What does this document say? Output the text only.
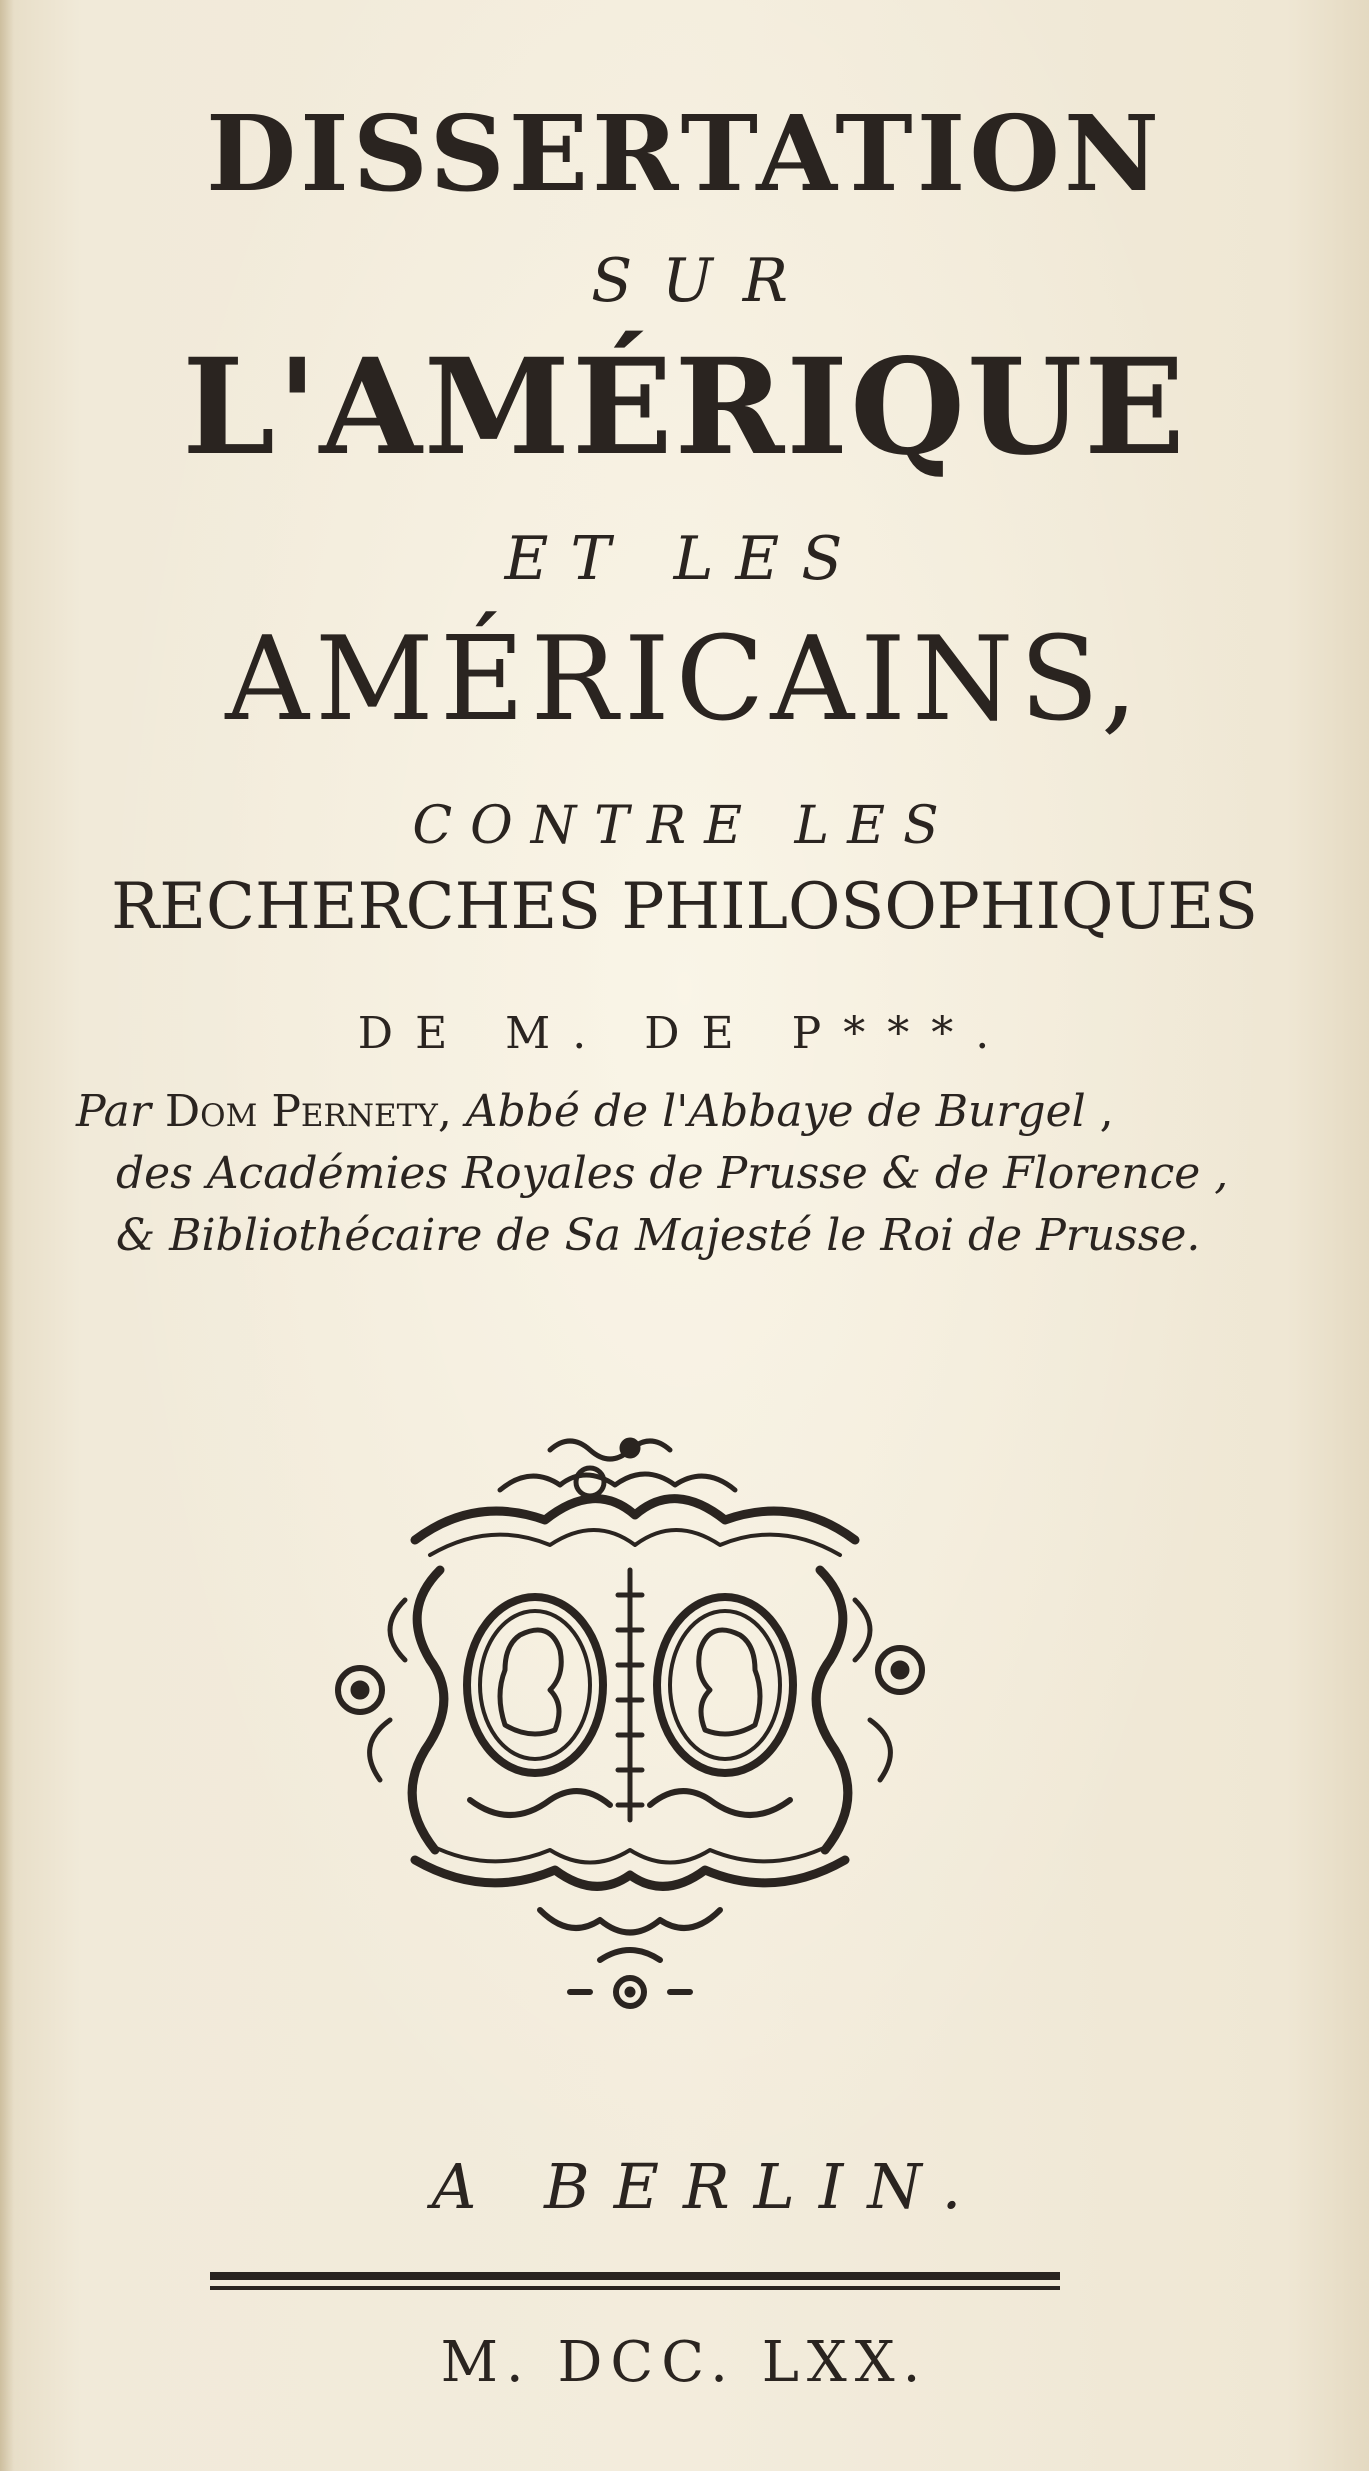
DISSERTATION
SUR
L'AMÉRIQUE
ET LES
AMÉRICAINS,
CONTRE LES
RECHERCHES PHILOSOPHIQUES
DE M. DE P***.
Par Dom Pernety, Abbé de l'Abbaye de Burgel ,
des Académies Royales de Prusse & de Florence ,
& Bibliothécaire de Sa Majesté le Roi de Prusse.
A BERLIN.
M. DCC. LXX.
